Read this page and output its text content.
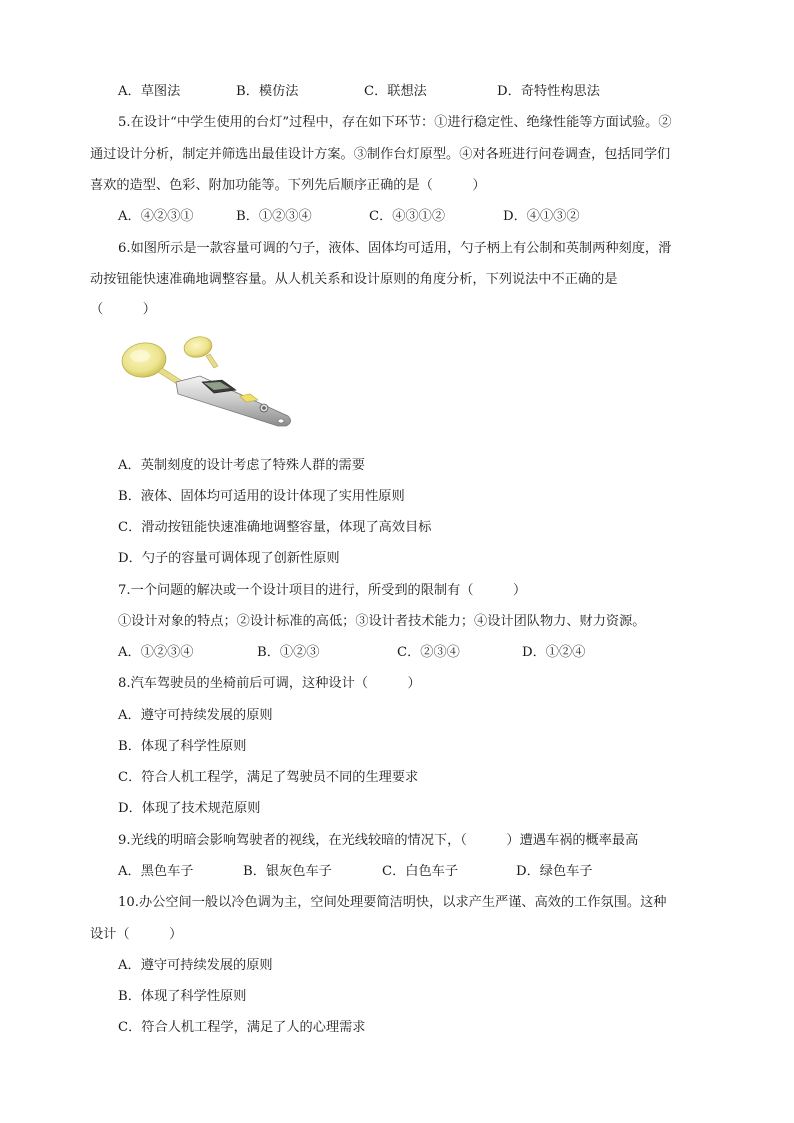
A．草图法	B．模仿法	C．联想法	D．奇特性构思法
5.在设计“中学生使用的台灯”过程中，存在如下环节：①进行稳定性、绝缘性能等方面试验。②
通过设计分析，制定并筛选出最佳设计方案。③制作台灯原型。④对各班进行问卷调查，包括同学们
喜欢的造型、色彩、附加功能等。下列先后顺序正确的是（　　　）
A．④②③①	B．①②③④	C．④③①②	D．④①③②
6.如图所示是一款容量可调的勺子，液体、固体均可适用，勺子柄上有公制和英制两种刻度，滑
动按钮能快速准确地调整容量。从人机关系和设计原则的角度分析，下列说法中不正确的是
（　　　）
A．英制刻度的设计考虑了特殊人群的需要
B．液体、固体均可适用的设计体现了实用性原则
C．滑动按钮能快速准确地调整容量，体现了高效目标
D．勺子的容量可调体现了创新性原则
7.一个问题的解决或一个设计项目的进行，所受到的限制有（　　　）
①设计对象的特点；②设计标准的高低；③设计者技术能力；④设计团队物力、财力资源。
A．①②③④	B．①②③	C．②③④	D．①②④
8.汽车驾驶员的坐椅前后可调，这种设计（　　　）
A．遵守可持续发展的原则
B．体现了科学性原则
C．符合人机工程学，满足了驾驶员不同的生理要求
D．体现了技术规范原则
9.光线的明暗会影响驾驶者的视线，在光线较暗的情况下，（　　　）遭遇车祸的概率最高
A．黑色车子	B．银灰色车子	C．白色车子	D．绿色车子
10.办公空间一般以冷色调为主，空间处理要简洁明快，以求产生严谨、高效的工作氛围。这种
设计（　　　）
A．遵守可持续发展的原则
B．体现了科学性原则
C．符合人机工程学，满足了人的心理需求
